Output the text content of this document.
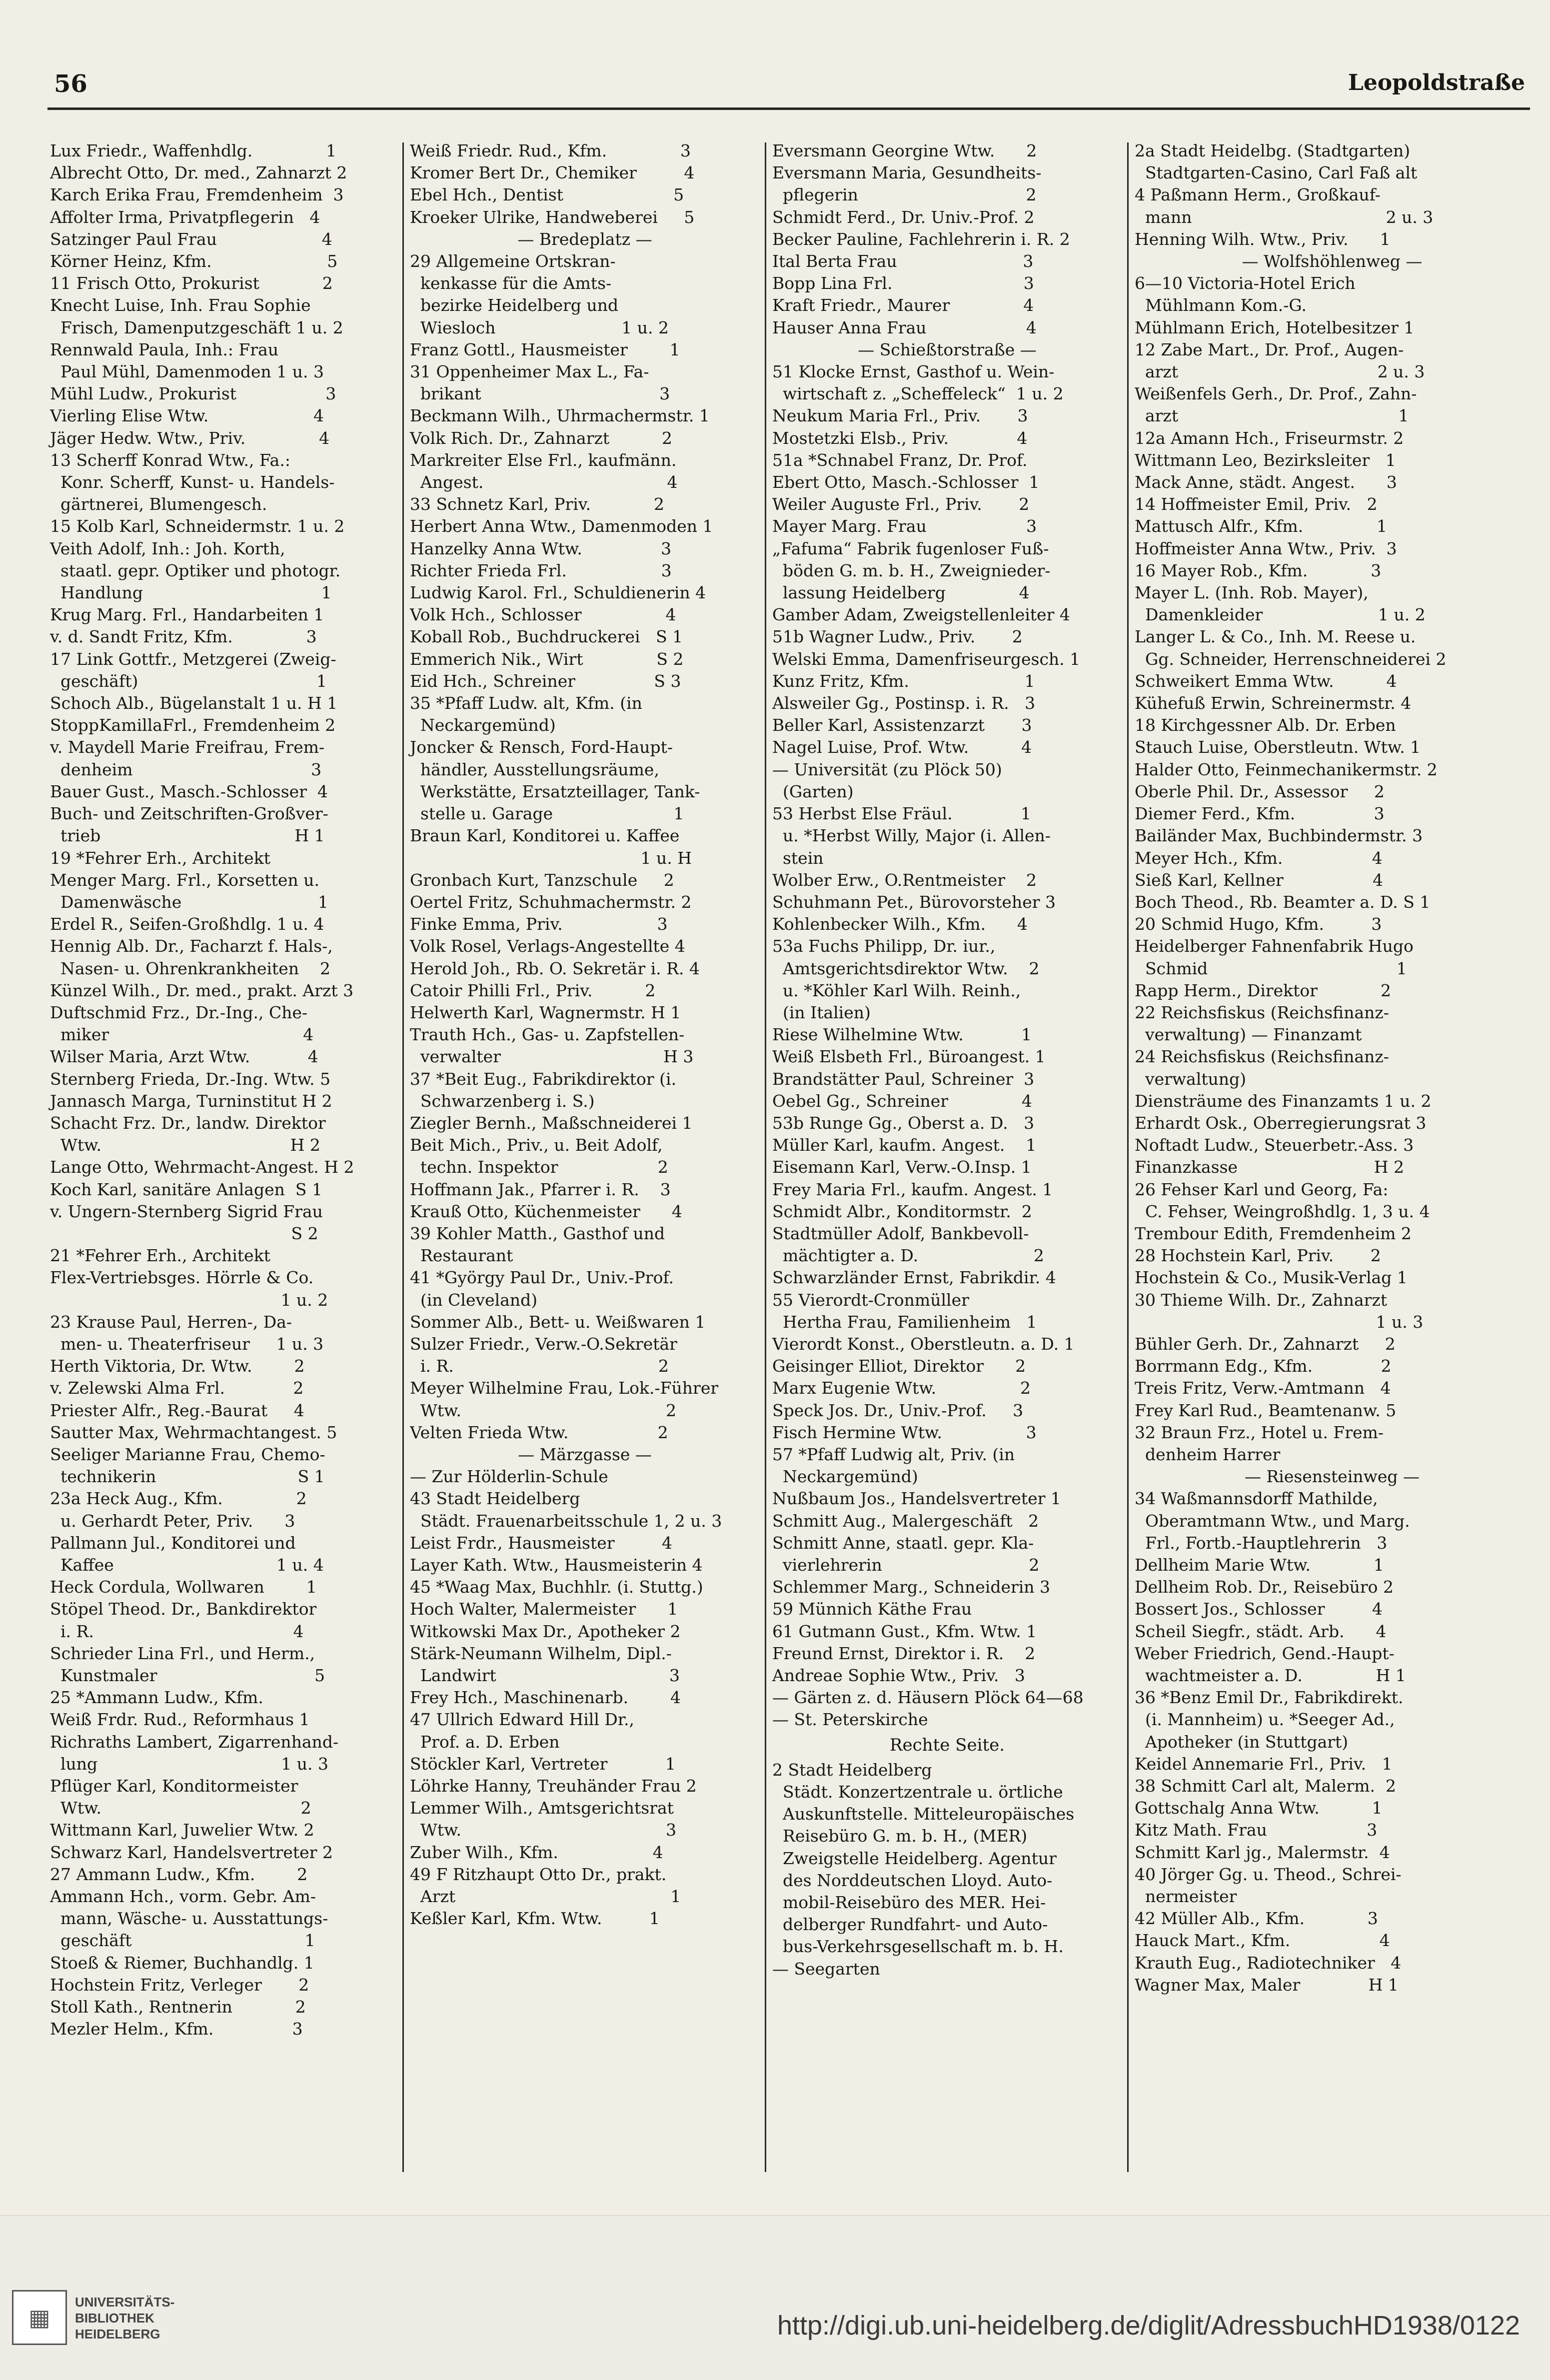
56	Leopoldstraße
Lux Friedr., Waffenhdlg.              1
Albrecht Otto, Dr. med., Zahnarzt 2
Karch Erika Frau, Fremdenheim  3
Affolter Irma, Privatpflegerin   4
Satzinger Paul Frau                    4
Körner Heinz, Kfm.                      5
11 Frisch Otto, Prokurist            2
Knecht Luise, Inh. Frau Sophie
Frisch, Damenputzgeschäft 1 u. 2
Rennwald Paula, Inh.: Frau
Paul Mühl, Damenmoden 1 u. 3
Mühl Ludw., Prokurist                 3
Vierling Elise Wtw.                    4
Jäger Hedw. Wtw., Priv.              4
13 Scherff Konrad Wtw., Fa.:
Konr. Scherff, Kunst- u. Handels-
gärtnerei, Blumengesch.
15 Kolb Karl, Schneidermstr. 1 u. 2
Veith Adolf, Inh.: Joh. Korth,
staatl. gepr. Optiker und photogr.
Handlung                                  1
Krug Marg. Frl., Handarbeiten 1
v. d. Sandt Fritz, Kfm.              3
17 Link Gottfr., Metzgerei (Zweig-
geschäft)                                  1
Schoch Alb., Bügelanstalt 1 u. H 1
StoppKamillaFrl., Fremdenheim 2
v. Maydell Marie Freifrau, Frem-
denheim                                  3
Bauer Gust., Masch.-Schlosser  4
Buch- und Zeitschriften-Großver-
trieb                                     H 1
19 *Fehrer Erh., Architekt
Menger Marg. Frl., Korsetten u.
Damenwäsche                          1
Erdel R., Seifen-Großhdlg. 1 u. 4
Hennig Alb. Dr., Facharzt f. Hals-,
Nasen- u. Ohrenkrankheiten    2
Künzel Wilh., Dr. med., prakt. Arzt 3
Duftschmid Frz., Dr.-Ing., Che-
miker                                     4
Wilser Maria, Arzt Wtw.           4
Sternberg Frieda, Dr.-Ing. Wtw. 5
Jannasch Marga, Turninstitut H 2
Schacht Frz. Dr., landw. Direktor
Wtw.                                    H 2
Lange Otto, Wehrmacht-Angest. H 2
Koch Karl, sanitäre Anlagen  S 1
v. Ungern-Sternberg Sigrid Frau
S 2
21 *Fehrer Erh., Architekt
Flex-Vertriebsges. Hörrle & Co.
1 u. 2
23 Krause Paul, Herren-, Da-
men- u. Theaterfriseur     1 u. 3
Herth Viktoria, Dr. Wtw.        2
v. Zelewski Alma Frl.             2
Priester Alfr., Reg.-Baurat     4
Sautter Max, Wehrmachtangest. 5
Seeliger Marianne Frau, Chemo-
technikerin                           S 1
23a Heck Aug., Kfm.              2
u. Gerhardt Peter, Priv.      3
Pallmann Jul., Konditorei und
Kaffee                               1 u. 4
Heck Cordula, Wollwaren        1
Stöpel Theod. Dr., Bankdirektor
i. R.                                      4
Schrieder Lina Frl., und Herm.,
Kunstmaler                              5
25 *Ammann Ludw., Kfm.
Weiß Frdr. Rud., Reformhaus 1
Richraths Lambert, Zigarrenhand-
lung                                   1 u. 3
Pflüger Karl, Konditormeister
Wtw.                                      2
Wittmann Karl, Juwelier Wtw. 2
Schwarz Karl, Handelsvertreter 2
27 Ammann Ludw., Kfm.        2
Ammann Hch., vorm. Gebr. Am-
mann, Wäsche- u. Ausstattungs-
geschäft                                 1
Stoeß & Riemer, Buchhandlg. 1
Hochstein Fritz, Verleger       2
Stoll Kath., Rentnerin            2
Mezler Helm., Kfm.               3
Weiß Friedr. Rud., Kfm.              3
Kromer Bert Dr., Chemiker         4
Ebel Hch., Dentist                     5
Kroeker Ulrike, Handweberei     5
— Bredeplatz —
29 Allgemeine Ortskran-
kenkasse für die Amts-
bezirke Heidelberg und
Wiesloch                        1 u. 2
Franz Gottl., Hausmeister        1
31 Oppenheimer Max L., Fa-
brikant                                  3
Beckmann Wilh., Uhrmachermstr. 1
Volk Rich. Dr., Zahnarzt          2
Markreiter Else Frl., kaufmänn.
Angest.                                   4
33 Schnetz Karl, Priv.            2
Herbert Anna Wtw., Damenmoden 1
Hanzelky Anna Wtw.               3
Richter Frieda Frl.                  3
Ludwig Karol. Frl., Schuldienerin 4
Volk Hch., Schlosser                4
Koball Rob., Buchdruckerei   S 1
Emmerich Nik., Wirt              S 2
Eid Hch., Schreiner               S 3
35 *Pfaff Ludw. alt, Kfm. (in
Neckargemünd)
Joncker & Rensch, Ford-Haupt-
händler, Ausstellungsräume,
Werkstätte, Ersatzteillager, Tank-
stelle u. Garage                       1
Braun Karl, Konditorei u. Kaffee
1 u. H
Gronbach Kurt, Tanzschule     2
Oertel Fritz, Schuhmachermstr. 2
Finke Emma, Priv.                  3
Volk Rosel, Verlags-Angestellte 4
Herold Joh., Rb. O. Sekretär i. R. 4
Catoir Philli Frl., Priv.          2
Helwerth Karl, Wagnermstr. H 1
Trauth Hch., Gas- u. Zapfstellen-
verwalter                               H 3
37 *Beit Eug., Fabrikdirektor (i.
Schwarzenberg i. S.)
Ziegler Bernh., Maßschneiderei 1
Beit Mich., Priv., u. Beit Adolf,
techn. Inspektor                   2
Hoffmann Jak., Pfarrer i. R.    3
Krauß Otto, Küchenmeister      4
39 Kohler Matth., Gasthof und
Restaurant
41 *György Paul Dr., Univ.-Prof.
(in Cleveland)
Sommer Alb., Bett- u. Weißwaren 1
Sulzer Friedr., Verw.-O.Sekretär
i. R.                                       2
Meyer Wilhelmine Frau, Lok.-Führer
Wtw.                                       2
Velten Frieda Wtw.                 2
— Märzgasse —
— Zur Hölderlin-Schule
43 Stadt Heidelberg
Städt. Frauenarbeitsschule 1, 2 u. 3
Leist Frdr., Hausmeister         4
Layer Kath. Wtw., Hausmeisterin 4
45 *Waag Max, Buchhlr. (i. Stuttg.)
Hoch Walter, Malermeister      1
Witkowski Max Dr., Apotheker 2
Stärk-Neumann Wilhelm, Dipl.-
Landwirt                                 3
Frey Hch., Maschinenarb.        4
47 Ullrich Edward Hill Dr.,
Prof. a. D. Erben
Stöckler Karl, Vertreter           1
Löhrke Hanny, Treuhänder Frau 2
Lemmer Wilh., Amtsgerichtsrat
Wtw.                                       3
Zuber Wilh., Kfm.                  4
49 F Ritzhaupt Otto Dr., prakt.
Arzt                                         1
Keßler Karl, Kfm. Wtw.         1
Eversmann Georgine Wtw.      2
Eversmann Maria, Gesundheits-
pflegerin                                2
Schmidt Ferd., Dr. Univ.-Prof. 2
Becker Pauline, Fachlehrerin i. R. 2
Ital Berta Frau                        3
Bopp Lina Frl.                         3
Kraft Friedr., Maurer              4
Hauser Anna Frau                   4
— Schießtorstraße —
51 Klocke Ernst, Gasthof u. Wein-
wirtschaft z. „Scheffeleck“  1 u. 2
Neukum Maria Frl., Priv.       3
Mostetzki Elsb., Priv.             4
51a *Schnabel Franz, Dr. Prof.
Ebert Otto, Masch.-Schlosser  1
Weiler Auguste Frl., Priv.       2
Mayer Marg. Frau                   3
„Fafuma“ Fabrik fugenloser Fuß-
böden G. m. b. H., Zweignieder-
lassung Heidelberg              4
Gamber Adam, Zweigstellenleiter 4
51b Wagner Ludw., Priv.       2
Welski Emma, Damenfriseurgesch. 1
Kunz Fritz, Kfm.                      1
Alsweiler Gg., Postinsp. i. R.   3
Beller Karl, Assistenzarzt       3
Nagel Luise, Prof. Wtw.          4
— Universität (zu Plöck 50)
(Garten)
53 Herbst Else Fräul.             1
u. *Herbst Willy, Major (i. Allen-
stein
Wolber Erw., O.Rentmeister    2
Schuhmann Pet., Bürovorsteher 3
Kohlenbecker Wilh., Kfm.      4
53a Fuchs Philipp, Dr. iur.,
Amtsgerichtsdirektor Wtw.    2
u. *Köhler Karl Wilh. Reinh.,
(in Italien)
Riese Wilhelmine Wtw.           1
Weiß Elsbeth Frl., Büroangest. 1
Brandstätter Paul, Schreiner  3
Oebel Gg., Schreiner              4
53b Runge Gg., Oberst a. D.   3
Müller Karl, kaufm. Angest.    1
Eisemann Karl, Verw.-O.Insp. 1
Frey Maria Frl., kaufm. Angest. 1
Schmidt Albr., Konditormstr.  2
Stadtmüller Adolf, Bankbevoll-
mächtigter a. D.                      2
Schwarzländer Ernst, Fabrikdir. 4
55 Vierordt-Cronmüller
Hertha Frau, Familienheim   1
Vierordt Konst., Oberstleutn. a. D. 1
Geisinger Elliot, Direktor      2
Marx Eugenie Wtw.                2
Speck Jos. Dr., Univ.-Prof.     3
Fisch Hermine Wtw.                3
57 *Pfaff Ludwig alt, Priv. (in
Neckargemünd)
Nußbaum Jos., Handelsvertreter 1
Schmitt Aug., Malergeschäft   2
Schmitt Anne, staatl. gepr. Kla-
vierlehrerin                            2
Schlemmer Marg., Schneiderin 3
59 Münnich Käthe Frau
61 Gutmann Gust., Kfm. Wtw. 1
Freund Ernst, Direktor i. R.    2
Andreae Sophie Wtw., Priv.   3
— Gärten z. d. Häusern Plöck 64—68
— St. Peterskirche
Rechte Seite.
2 Stadt Heidelberg
Städt. Konzertzentrale u. örtliche
Auskunftstelle. Mitteleuropäisches
Reisebüro G. m. b. H., (MER)
Zweigstelle Heidelberg. Agentur
des Norddeutschen Lloyd. Auto-
mobil-Reisebüro des MER. Hei-
delberger Rundfahrt- und Auto-
bus-Verkehrsgesellschaft m. b. H.
— Seegarten
2a Stadt Heidelbg. (Stadtgarten)
Stadtgarten-Casino, Carl Faß alt
4 Paßmann Herm., Großkauf-
mann                                     2 u. 3
Henning Wilh. Wtw., Priv.      1
— Wolfshöhlenweg —
6—10 Victoria-Hotel Erich
Mühlmann Kom.-G.
Mühlmann Erich, Hotelbesitzer 1
12 Zabe Mart., Dr. Prof., Augen-
arzt                                      2 u. 3
Weißenfels Gerh., Dr. Prof., Zahn-
arzt                                          1
12a Amann Hch., Friseurmstr. 2
Wittmann Leo, Bezirksleiter   1
Mack Anne, städt. Angest.      3
14 Hoffmeister Emil, Priv.   2
Mattusch Alfr., Kfm.              1
Hoffmeister Anna Wtw., Priv.  3
16 Mayer Rob., Kfm.            3
Mayer L. (Inh. Rob. Mayer),
Damenkleider                      1 u. 2
Langer L. & Co., Inh. M. Reese u.
Gg. Schneider, Herrenschneiderei 2
Schweikert Emma Wtw.          4
Kühefuß Erwin, Schreinermstr. 4
18 Kirchgessner Alb. Dr. Erben
Stauch Luise, Oberstleutn. Wtw. 1
Halder Otto, Feinmechanikermstr. 2
Oberle Phil. Dr., Assessor     2
Diemer Ferd., Kfm.               3
Bailänder Max, Buchbindermstr. 3
Meyer Hch., Kfm.                 4
Sieß Karl, Kellner                 4
Boch Theod., Rb. Beamter a. D. S 1
20 Schmid Hugo, Kfm.         3
Heidelberger Fahnenfabrik Hugo
Schmid                                    1
Rapp Herm., Direktor            2
22 Reichsfiskus (Reichsfinanz-
verwaltung) — Finanzamt
24 Reichsfiskus (Reichsfinanz-
verwaltung)
Diensträume des Finanzamts 1 u. 2
Erhardt Osk., Oberregierungsrat 3
Noftadt Ludw., Steuerbetr.-Ass. 3
Finanzkasse                          H 2
26 Fehser Karl und Georg, Fa:
C. Fehser, Weingroßhdlg. 1, 3 u. 4
Trembour Edith, Fremdenheim 2
28 Hochstein Karl, Priv.       2
Hochstein & Co., Musik-Verlag 1
30 Thieme Wilh. Dr., Zahnarzt
1 u. 3
Bühler Gerh. Dr., Zahnarzt     2
Borrmann Edg., Kfm.             2
Treis Fritz, Verw.-Amtmann   4
Frey Karl Rud., Beamtenanw. 5
32 Braun Frz., Hotel u. Frem-
denheim Harrer
— Riesensteinweg —
34 Waßmannsdorff Mathilde,
Oberamtmann Wtw., und Marg.
Frl., Fortb.-Hauptlehrerin   3
Dellheim Marie Wtw.            1
Dellheim Rob. Dr., Reisebüro 2
Bossert Jos., Schlosser         4
Scheil Siegfr., städt. Arb.      4
Weber Friedrich, Gend.-Haupt-
wachtmeister a. D.              H 1
36 *Benz Emil Dr., Fabrikdirekt.
(i. Mannheim) u. *Seeger Ad.,
Apotheker (in Stuttgart)
Keidel Annemarie Frl., Priv.   1
38 Schmitt Carl alt, Malerm.  2
Gottschalg Anna Wtw.          1
Kitz Math. Frau                   3
Schmitt Karl jg., Malermstr.  4
40 Jörger Gg. u. Theod., Schrei-
nermeister
42 Müller Alb., Kfm.            3
Hauck Mart., Kfm.                 4
Krauth Eug., Radiotechniker   4
Wagner Max, Maler             H 1
▦
UNIVERSITÄTS-
BIBLIOTHEK
HEIDELBERG	http://digi.ub.uni-heidelberg.de/diglit/AdressbuchHD1938/0122
